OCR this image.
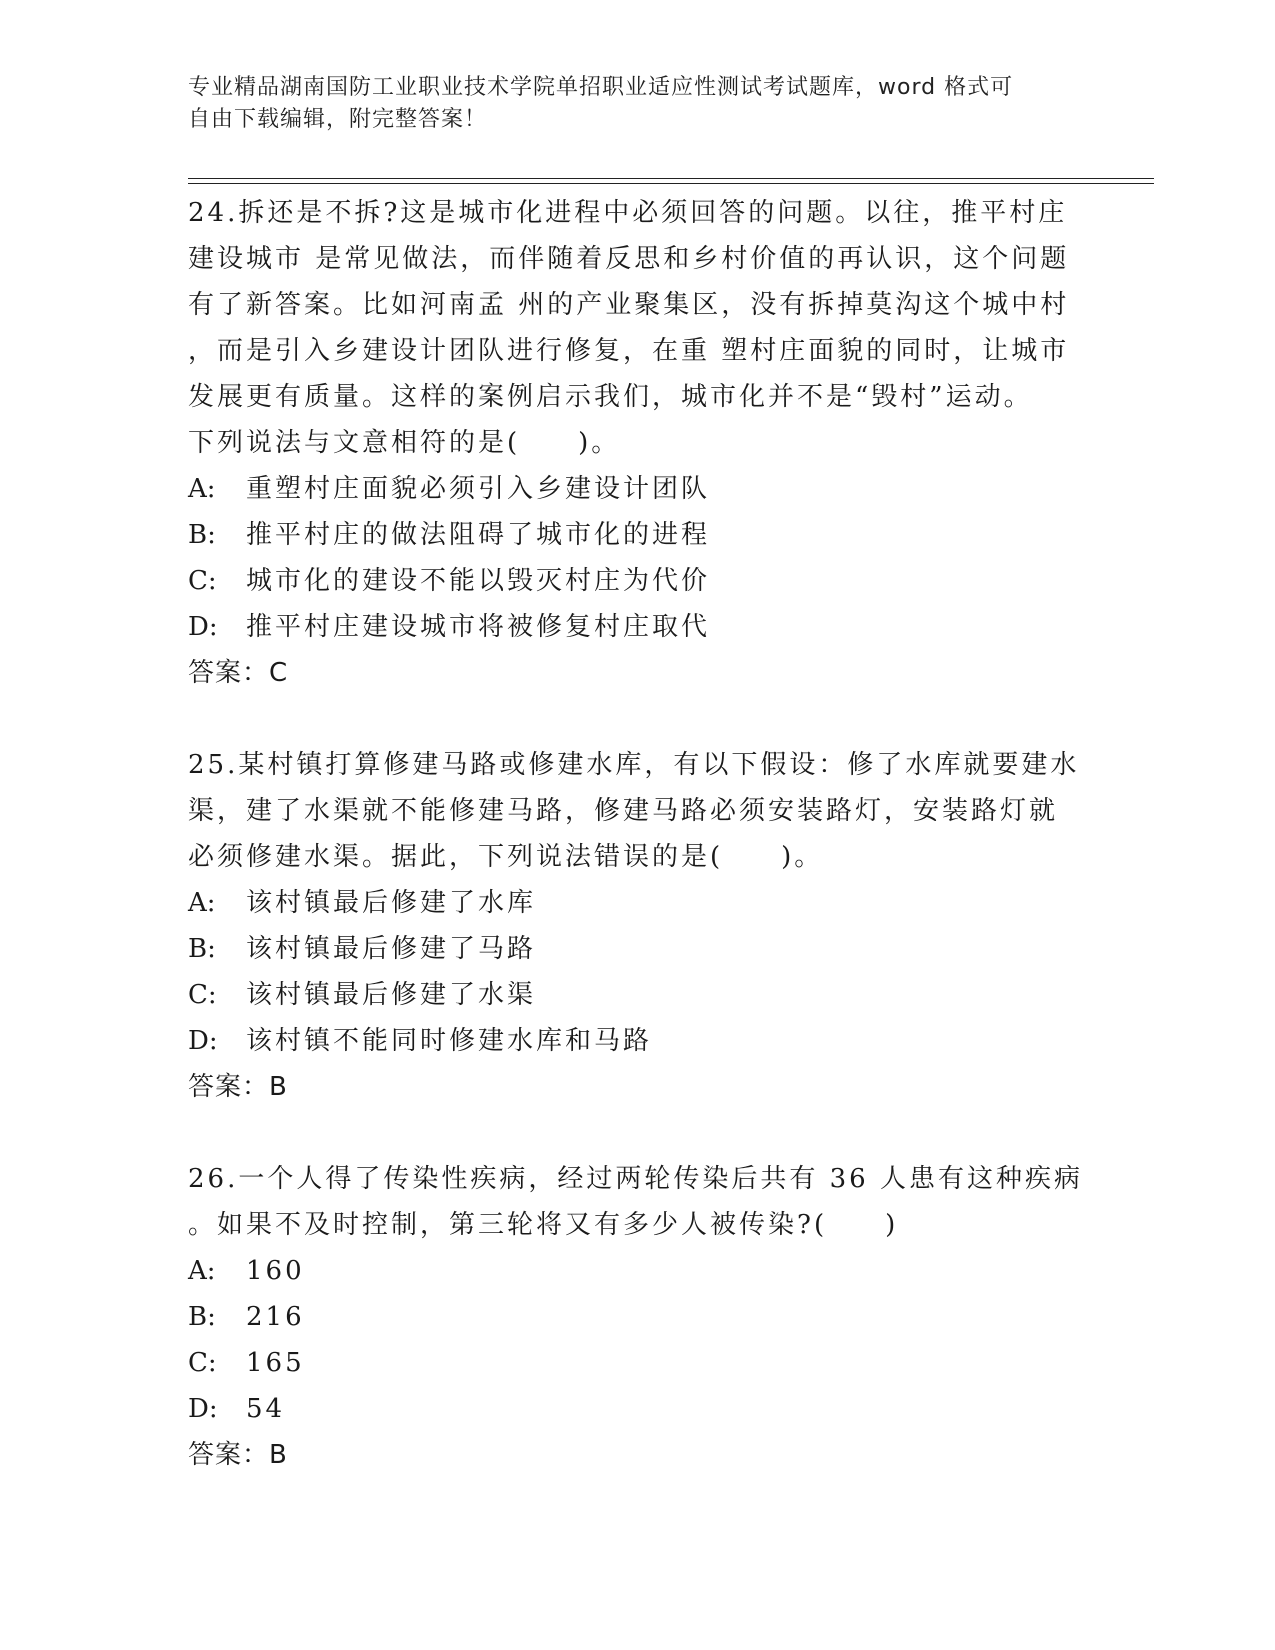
专业精品湖南国防工业职业技术学院单招职业适应性测试考试题库，word 格式可
自由下载编辑，附完整答案！
24.拆还是不拆?这是城市化进程中必须回答的问题。以往，推平村庄
建设城市 是常见做法，而伴随着反思和乡村价值的再认识，这个问题
有了新答案。比如河南孟 州的产业聚集区，没有拆掉莫沟这个城中村
，而是引入乡建设计团队进行修复，在重 塑村庄面貌的同时，让城市
发展更有质量。这样的案例启示我们，城市化并不是“毁村”运动。
下列说法与文意相符的是(　　)。
A: 重塑村庄面貌必须引入乡建设计团队
B: 推平村庄的做法阻碍了城市化的进程
C: 城市化的建设不能以毁灭村庄为代价
D: 推平村庄建设城市将被修复村庄取代
答案：C
25.某村镇打算修建马路或修建水库，有以下假设：修了水库就要建水
渠，建了水渠就不能修建马路，修建马路必须安装路灯，安装路灯就
必须修建水渠。据此，下列说法错误的是(　　)。
A: 该村镇最后修建了水库
B: 该村镇最后修建了马路
C: 该村镇最后修建了水渠
D: 该村镇不能同时修建水库和马路
答案：B
26.一个人得了传染性疾病，经过两轮传染后共有 36 人患有这种疾病
。如果不及时控制，第三轮将又有多少人被传染?(　　)
A: 160
B: 216
C: 165
D: 54
答案：B
